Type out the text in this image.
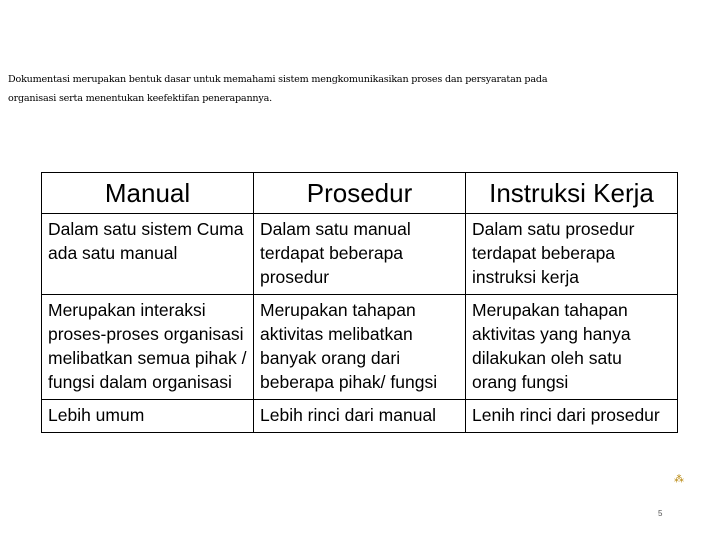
Dokumentasi merupakan bentuk dasar untuk memahami sistem mengkomunikasikan proses dan persyaratan pada
organisasi serta menentukan keefektifan penerapannya.
Manual	Prosedur	Instruksi Kerja
Dalam satu sistem Cuma ada satu manual	Dalam satu manual terdapat beberapa prosedur	Dalam satu prosedur terdapat beberapa instruksi kerja
Merupakan interaksi proses-proses organisasi melibatkan semua pihak / fungsi dalam organisasi	Merupakan tahapan aktivitas melibatkan banyak orang dari beberapa pihak/ fungsi	Merupakan tahapan aktivitas yang hanya dilakukan oleh satu orang fungsi
Lebih umum	Lebih rinci dari manual	Lenih rinci dari prosedur
⁂
5
